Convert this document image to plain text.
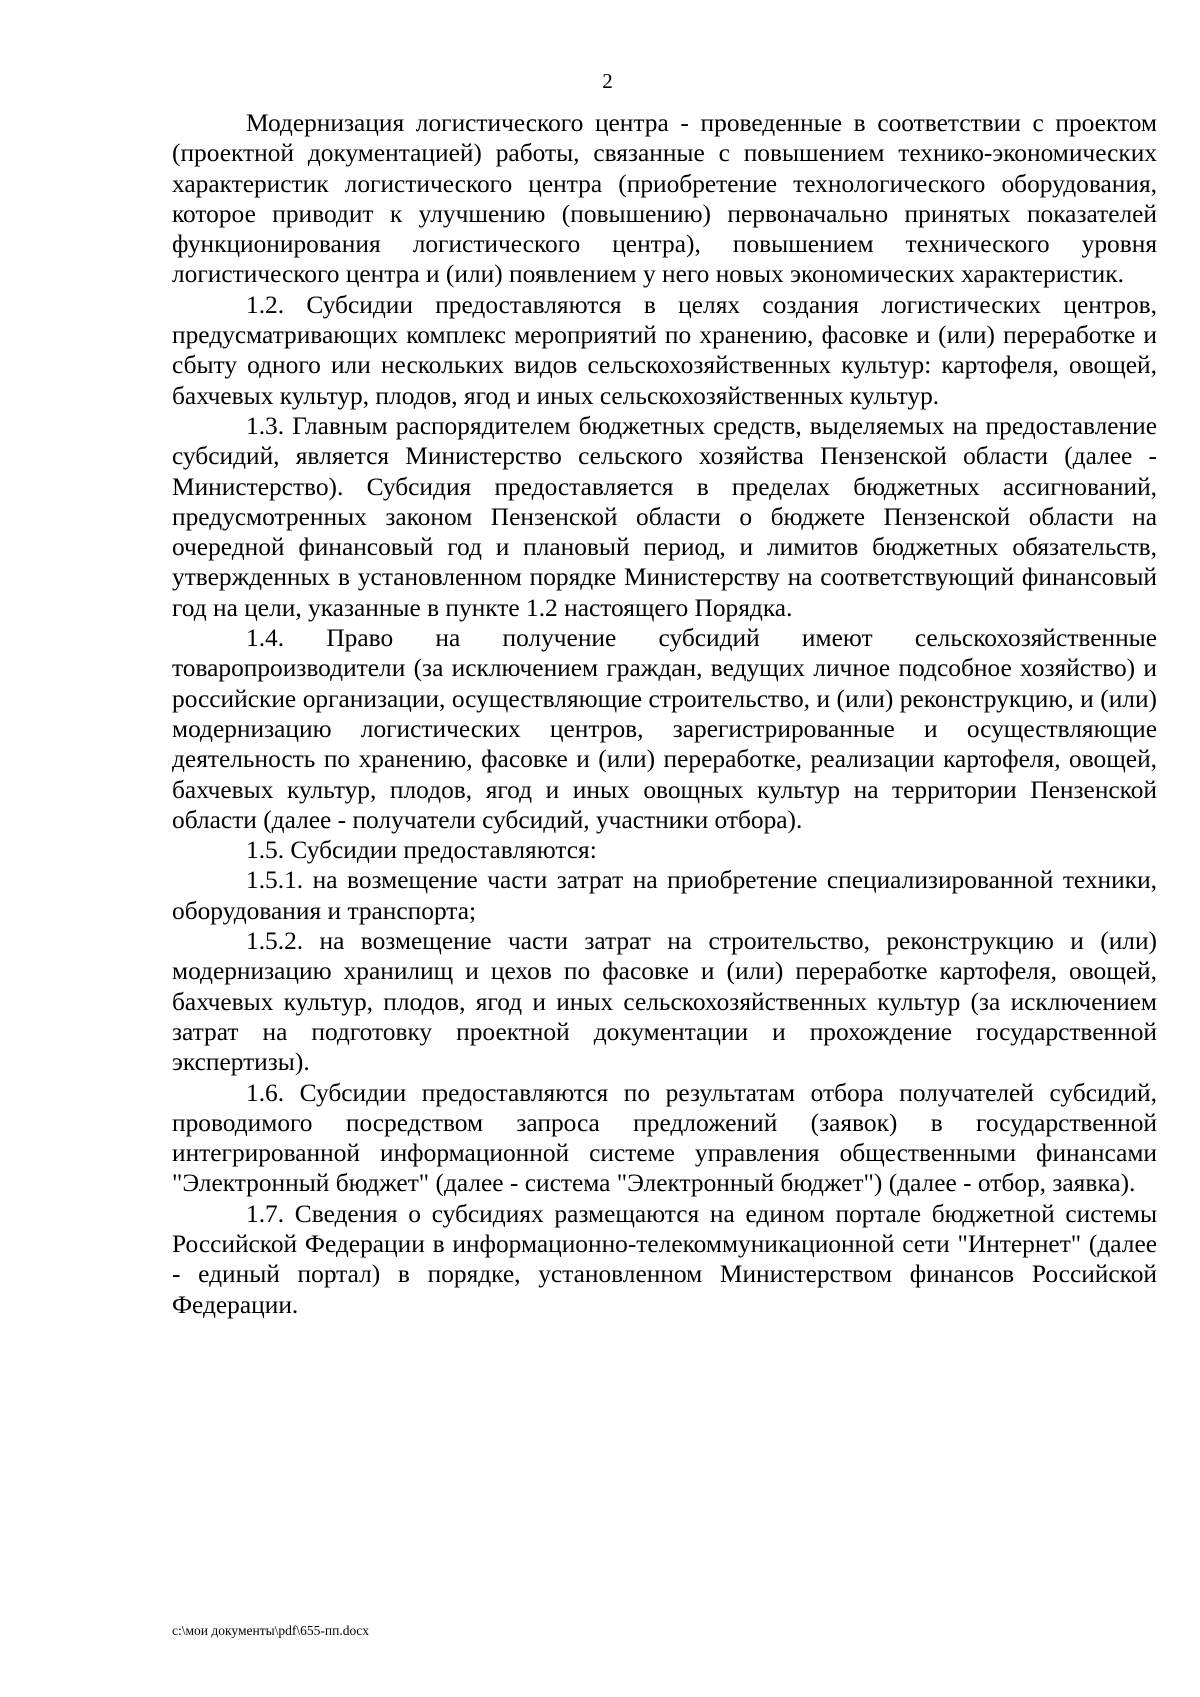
2

Модернизация логистического центра - проведенные в соответствии с проектом (проектной документацией) работы, связанные с повышением технико-экономических характеристик логистического центра (приобретение технологического оборудования, которое приводит к улучшению (повышению) первоначально принятых показателей функционирования логистического центра), повышением технического уровня логистического центра и (или) появлением у него новых экономических характеристик.

1.2. Субсидии предоставляются в целях создания логистических центров, предусматривающих комплекс мероприятий по хранению, фасовке и (или) переработке и сбыту одного или нескольких видов сельскохозяйственных культур: картофеля, овощей, бахчевых культур, плодов, ягод и иных сельскохозяйственных культур.

1.3. Главным распорядителем бюджетных средств, выделяемых на предоставление субсидий, является Министерство сельского хозяйства Пензенской области (далее - Министерство). Субсидия предоставляется в пределах бюджетных ассигнований, предусмотренных законом Пензенской области о бюджете Пензенской области на очередной финансовый год и плановый период, и лимитов бюджетных обязательств, утвержденных в установленном порядке Министерству на соответствующий финансовый год на цели, указанные в пункте 1.2 настоящего Порядка.

1.4. Право на получение субсидий имеют сельскохозяйственные товаропроизводители (за исключением граждан, ведущих личное подсобное хозяйство) и российские организации, осуществляющие строительство, и (или) реконструкцию, и (или) модернизацию логистических центров, зарегистрированные и осуществляющие деятельность по хранению, фасовке и (или) переработке, реализации картофеля, овощей, бахчевых культур, плодов, ягод и иных овощных культур на территории Пензенской области (далее - получатели субсидий, участники отбора).

1.5. Субсидии предоставляются:

1.5.1. на возмещение части затрат на приобретение специализированной техники, оборудования и транспорта;

1.5.2. на возмещение части затрат на строительство, реконструкцию и (или) модернизацию хранилищ и цехов по фасовке и (или) переработке картофеля, овощей, бахчевых культур, плодов, ягод и иных сельскохозяйственных культур (за исключением затрат на подготовку проектной документации и прохождение государственной экспертизы).

1.6. Субсидии предоставляются по результатам отбора получателей субсидий, проводимого посредством запроса предложений (заявок) в государственной интегрированной информационной системе управления общественными финансами "Электронный бюджет" (далее - система "Электронный бюджет") (далее - отбор, заявка).

1.7. Сведения о субсидиях размещаются на едином портале бюджетной системы Российской Федерации в информационно-телекоммуникационной сети "Интернет" (далее - единый портал) в порядке, установленном Министерством финансов Российской Федерации.

c:\мои документы\pdf\655-пп.docx
